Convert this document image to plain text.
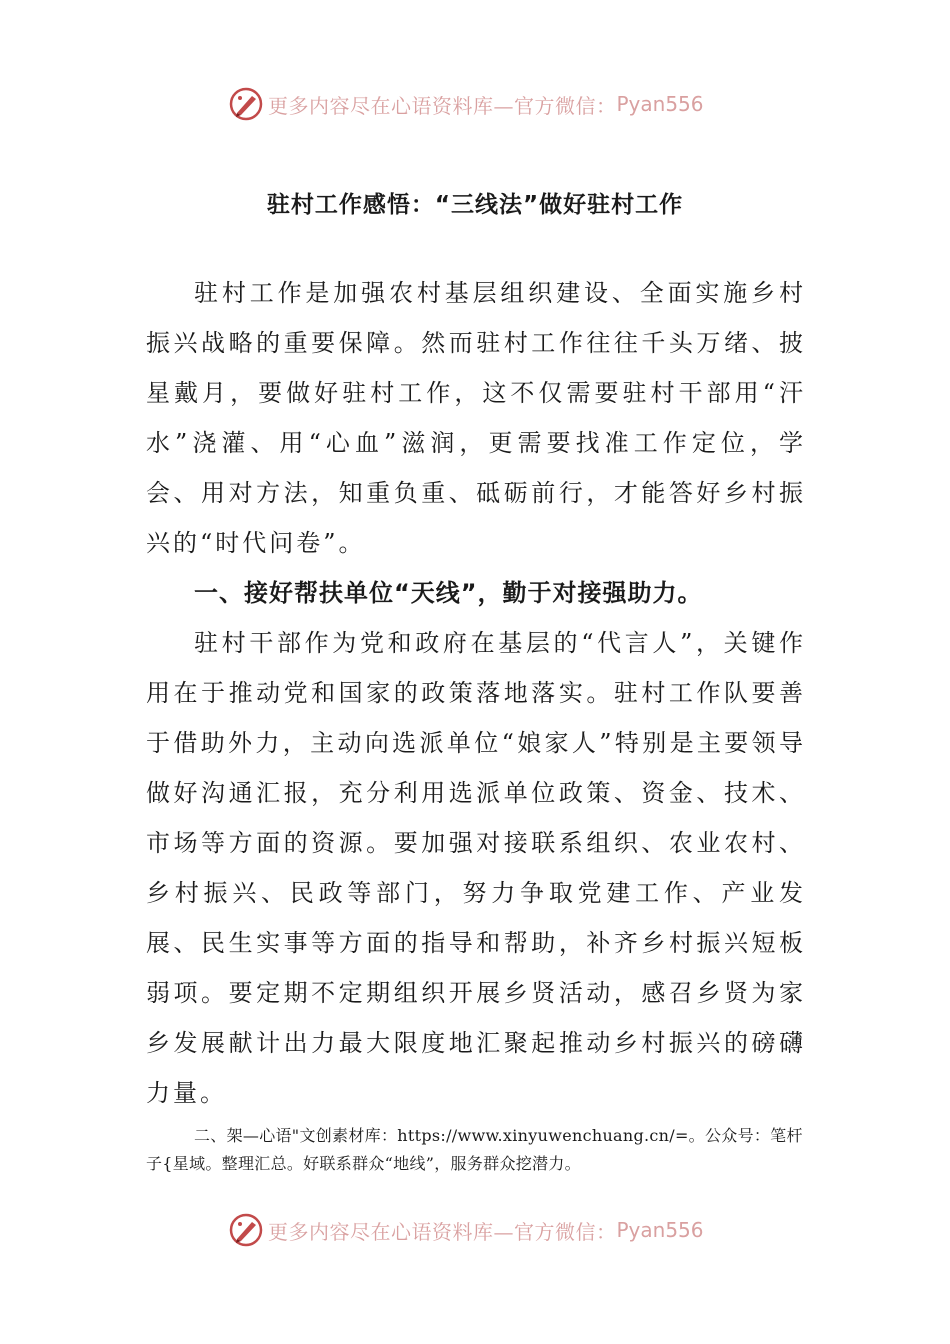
更多内容尽在心语资料库—官方微信： Pyan556
驻村工作感悟：“三线法”做好驻村工作

驻村工作是加强农村基层组织建设、全面实施乡村振兴战略的重要保障。然而驻村工作往往千头万绪、披星戴月，要做好驻村工作，这不仅需要驻村干部用“汗水”浇灌、用“心血”滋润，更需要找准工作定位，学会、用对方法，知重负重、砥砺前行，才能答好乡村振兴的“时代问卷”。

一、接好帮扶单位“天线”，勤于对接强助力。

驻村干部作为党和政府在基层的“代言人”，关键作用在于推动党和国家的政策落地落实。驻村工作队要善于借助外力，主动向选派单位“娘家人”特别是主要领导做好沟通汇报，充分利用选派单位政策、资金、技术、市场等方面的资源。要加强对接联系组织、农业农村、乡村振兴、民政等部门，努力争取党建工作、产业发展、民生实事等方面的指导和帮助，补齐乡村振兴短板弱项。要定期不定期组织开展乡贤活动，感召乡贤为家乡发展献计出力最大限度地汇聚起推动乡村振兴的磅礴力量。

二、架—心语"文创素材库：https://www.xinyuwenchuang.cn/=。公众号：笔杆子{星域。整理汇总。好联系群众“地线”，服务群众挖潜力。

更多内容尽在心语资料库—官方微信： Pyan556
